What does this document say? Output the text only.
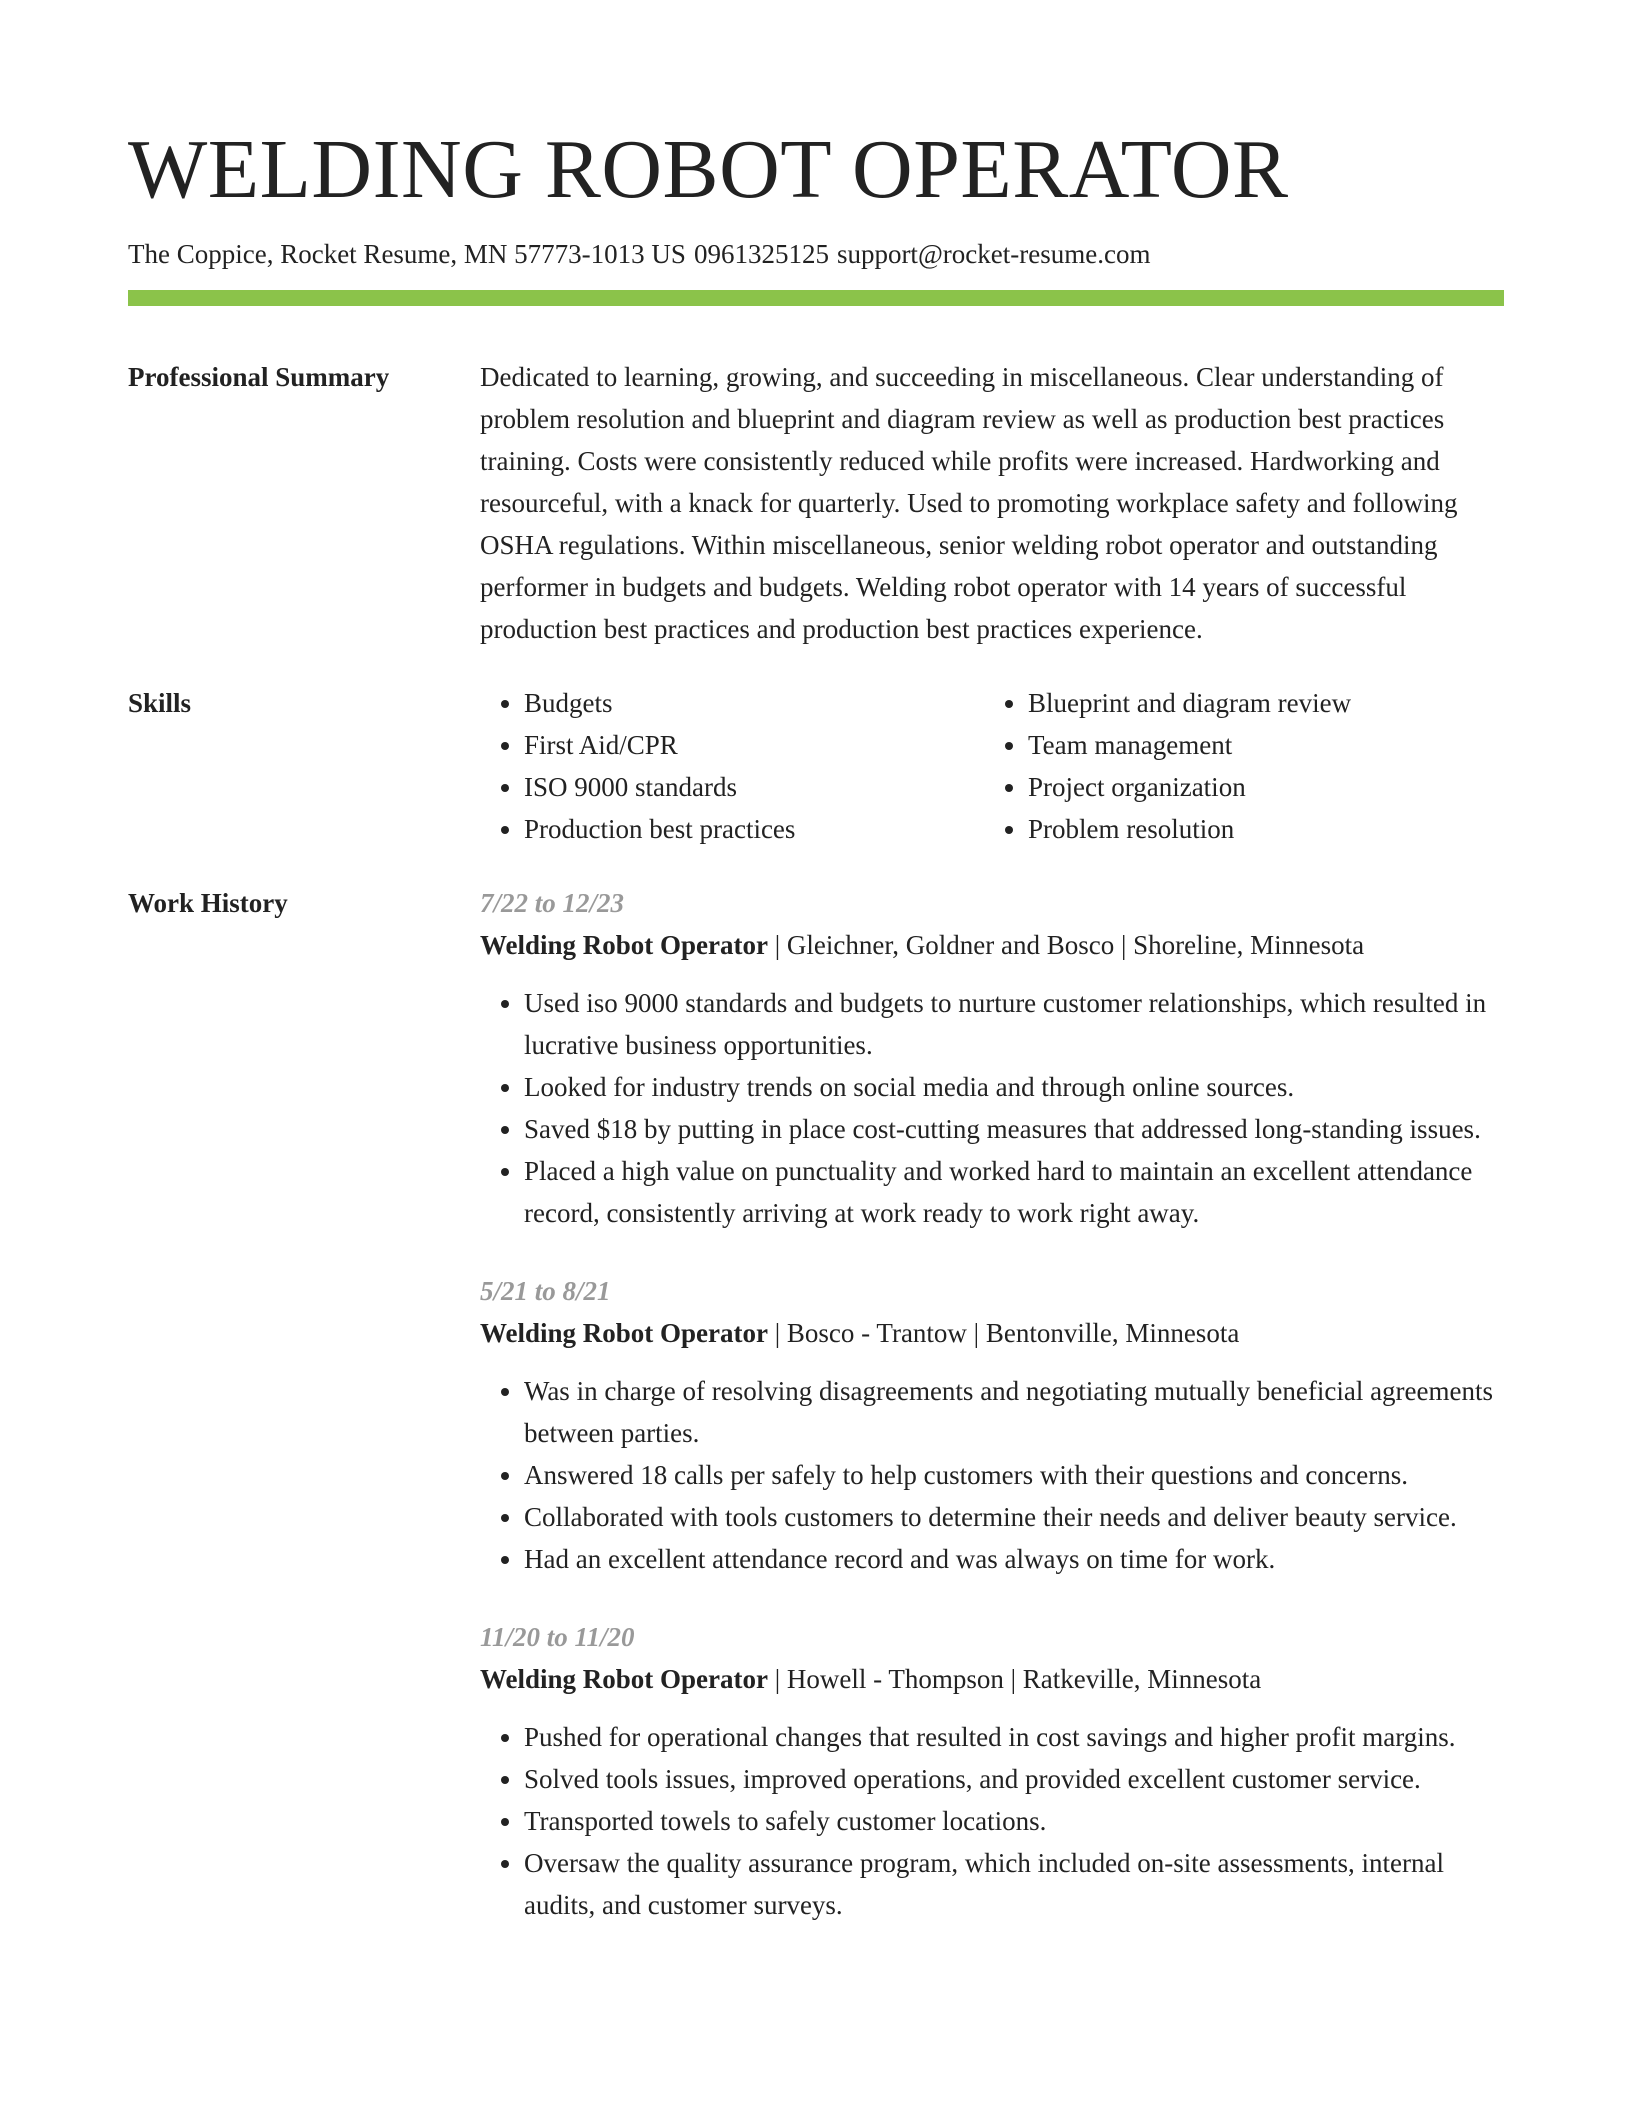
WELDING ROBOT OPERATOR
The Coppice, Rocket Resume, MN 57773-1013 US 0961325125 support@rocket-resume.com
Professional Summary	Dedicated to learning, growing, and succeeding in miscellaneous. Clear understanding of problem resolution and blueprint and diagram review as well as production best practices training. Costs were consistently reduced while profits were increased. Hardworking and resourceful, with a knack for quarterly. Used to promoting workplace safety and following OSHA regulations. Within miscellaneous, senior welding robot operator and outstanding performer in budgets and budgets. Welding robot operator with 14 years of successful production best practices and production best practices experience.
Skills
•	Budgets
• First Aid/CPR
• ISO 9000 standards
• Production best practices
• Blueprint and diagram review
• Team management
• Project organization
• Problem resolution
Work History	7/22 to 12/23
Welding Robot Operator | Gleichner, Goldner and Bosco | Shoreline, Minnesota
• Used iso 9000 standards and budgets to nurture customer relationships, which resulted in lucrative business opportunities.
• Looked for industry trends on social media and through online sources.
• Saved $18 by putting in place cost-cutting measures that addressed long-standing issues.
• Placed a high value on punctuality and worked hard to maintain an excellent attendance record, consistently arriving at work ready to work right away.
5/21 to 8/21
Welding Robot Operator | Bosco - Trantow | Bentonville, Minnesota
• Was in charge of resolving disagreements and negotiating mutually beneficial agreements between parties.
• Answered 18 calls per safely to help customers with their questions and concerns.
• Collaborated with tools customers to determine their needs and deliver beauty service.
• Had an excellent attendance record and was always on time for work.
11/20 to 11/20
Welding Robot Operator | Howell - Thompson | Ratkeville, Minnesota
• Pushed for operational changes that resulted in cost savings and higher profit margins.
• Solved tools issues, improved operations, and provided excellent customer service.
• Transported towels to safely customer locations.
• Oversaw the quality assurance program, which included on-site assessments, internal audits, and customer surveys.
